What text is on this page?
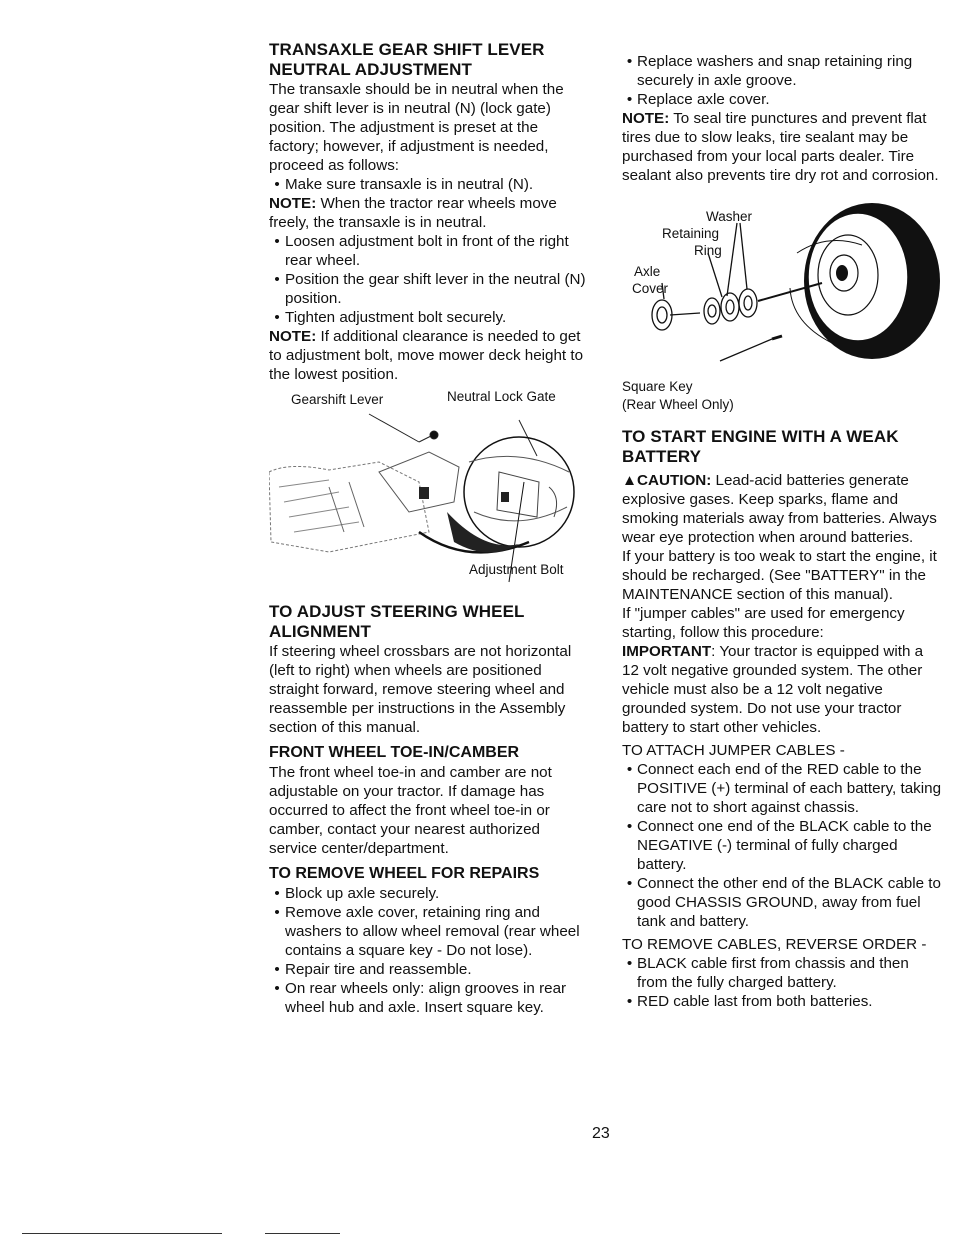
TRANSAXLE GEAR SHIFT LEVER
NEUTRAL ADJUSTMENT

The transaxle should be in neutral when the gear shift lever is in neutral (N) (lock gate) position. The adjustment is preset at the factory; however, if adjustment is needed, proceed as follows:

• Make sure transaxle is in neutral (N).

NOTE: When the tractor rear wheels move freely, the transaxle is in neutral.

• Loosen adjustment bolt in front of the right rear wheel.
• Position the gear shift lever in the neutral (N) position.
• Tighten adjustment bolt securely.

NOTE: If additional clearance is needed to get to adjustment bolt, move mower deck height to the lowest position.

Gearshift Lever	Neutral Lock Gate
Adjustment Bolt
TO ADJUST STEERING WHEEL
ALIGNMENT

If steering wheel crossbars are not horizontal (left to right) when wheels are positioned straight forward, remove steering wheel and reassemble per instructions in the Assembly section of this manual.

FRONT WHEEL TOE-IN/CAMBER

The front wheel toe-in and camber are not adjustable on your tractor. If damage has occurred to affect the front wheel toe-in or camber, contact your nearest authorized service center/department.

TO REMOVE WHEEL FOR REPAIRS
• Block up axle securely.
• Remove axle cover, retaining ring and washers to allow wheel removal (rear wheel contains a square key - Do not lose).
• Repair tire and reassemble.
• On rear wheels only: align grooves in rear wheel hub and axle. Insert square key.
• Replace washers and snap retaining ring securely in axle groove.
• Replace axle cover.

NOTE: To seal tire punctures and prevent flat tires due to slow leaks, tire sealant may be purchased from your local parts dealer. Tire sealant also prevents tire dry rot and corrosion.

Washer
Retaining
Ring
Axle
Cover
Square Key
(Rear Wheel Only)
TO START ENGINE WITH A WEAK
BATTERY

▲CAUTION: Lead-acid batteries generate explosive gases. Keep sparks, flame and smoking materials away from batteries. Always wear eye protection when around batteries.

If your battery is too weak to start the engine, it should be recharged. (See "BATTERY" in the MAINTENANCE section of this manual).

If "jumper cables" are used for emergency starting, follow this procedure:

IMPORTANT: Your tractor is equipped with a 12 volt negative grounded system. The other vehicle must also be a 12 volt negative grounded system. Do not use your tractor battery to start other vehicles.

TO ATTACH JUMPER CABLES -

• Connect each end of the RED cable to the POSITIVE (+) terminal of each battery, taking care not to short against chassis.
• Connect one end of the BLACK cable to the NEGATIVE (-) terminal of fully charged battery.
• Connect the other end of the BLACK cable to good CHASSIS GROUND, away from fuel tank and battery.

TO REMOVE CABLES, REVERSE ORDER -

• BLACK cable first from chassis and then from the fully charged battery.
• RED cable last from both batteries.
23
